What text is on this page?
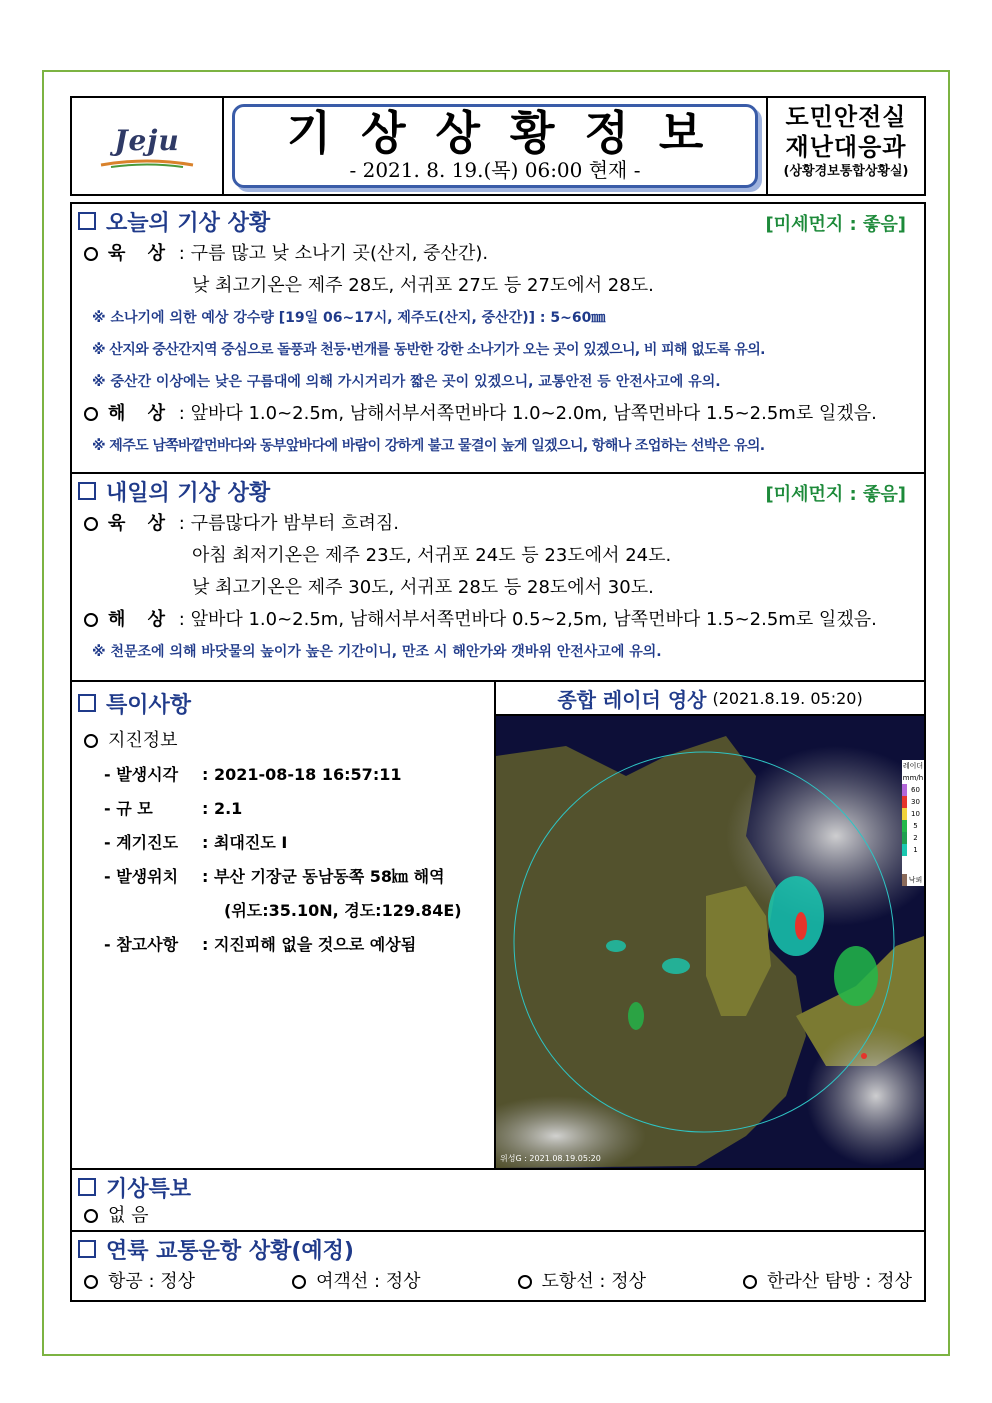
Jeju	기상상황정보
- 2021. 8. 19.(목) 06:00 현재 -
도민안전실
재난대응과
(상황경보통합상황실)
오늘의 기상 상황	[미세먼지 : 좋음]
육 상 : 구름 많고 낮 소나기 곳(산지, 중산간).
낮 최고기온은 제주 28도, 서귀포 27도 등 27도에서 28도.
※ 소나기에 의한 예상 강수량 [19일 06~17시, 제주도(산지, 중산간)] : 5~60㎜
※ 산지와 중산간지역 중심으로 돌풍과 천둥·번개를 동반한 강한 소나기가 오는 곳이 있겠으니, 비 피해 없도록 유의.
※ 중산간 이상에는 낮은 구름대에 의해 가시거리가 짧은 곳이 있겠으니, 교통안전 등 안전사고에 유의.
해 상 : 앞바다 1.0~2.5m, 남해서부서쪽먼바다 1.0~2.0m, 남쪽먼바다 1.5~2.5m로 일겠음.
※ 제주도 남쪽바깥먼바다와 동부앞바다에 바람이 강하게 불고 물결이 높게 일겠으니, 항해나 조업하는 선박은 유의.
내일의 기상 상황	[미세먼지 : 좋음]
육 상 : 구름많다가 밤부터 흐려짐.
아침 최저기온은 제주 23도, 서귀포 24도 등 23도에서 24도.
낮 최고기온은 제주 30도, 서귀포 28도 등 28도에서 30도.
해 상 : 앞바다 1.0~2.5m, 남해서부서쪽먼바다 0.5~2,5m, 남쪽먼바다 1.5~2.5m로 일겠음.
※ 천문조에 의해 바닷물의 높이가 높은 기간이니, 만조 시 해안가와 갯바위 안전사고에 유의.
특이사항
지진정보
- 발생시각 : 2021-08-18 16:57:11
- 규 모	: 2.1
- 계기진도 : 최대진도 Ⅰ
- 발생위치 : 부산 기장군 동남동쪽 58㎞ 해역
(위도:35.10N, 경도:129.84E)
- 참고사항 : 지진피해 없을 것으로 예상됨
종합 레이더 영상 (2021.8.19. 05:20)
위성G : 2021.08.19.05:20
레이더
mm/h
60
30
10
5
2
1
낙뢰
기상특보
없 음
연륙 교통운항 상황(예정)
항공 : 정상	여객선 : 정상	도항선 : 정상	한라산 탐방 : 정상
